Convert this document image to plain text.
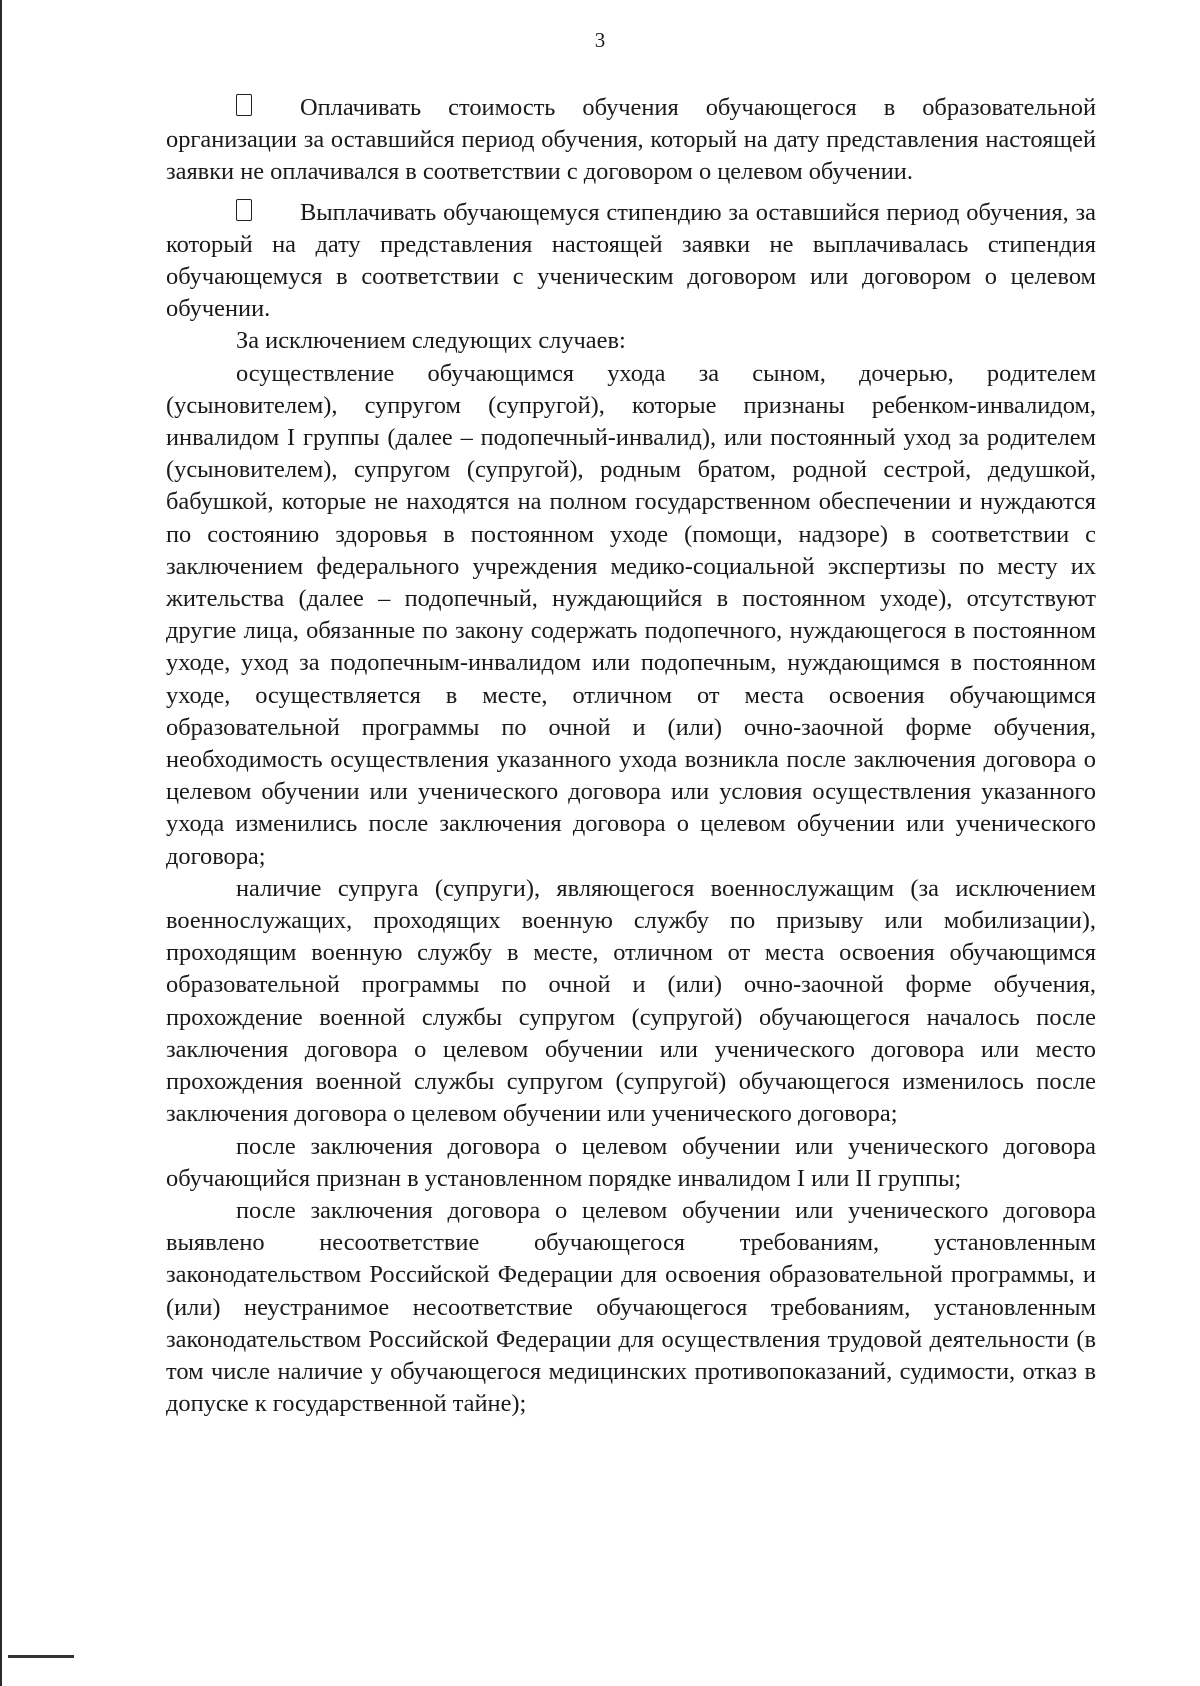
3

Оплачивать стоимость обучения обучающегося в образовательной организации за оставшийся период обучения, который на дату представления настоящей заявки не оплачивался в соответствии с договором о целевом обучении.

Выплачивать обучающемуся стипендию за оставшийся период обучения, за который на дату представления настоящей заявки не выплачивалась стипендия обучающемуся в соответствии с ученическим договором или договором о целевом обучении.

За исключением следующих случаев:

осуществление обучающимся ухода за сыном, дочерью, родителем (усыновителем), супругом (супругой), которые признаны ребенком-инвалидом, инвалидом I группы (далее – подопечный-инвалид), или постоянный уход за родителем (усыновителем), супругом (супругой), родным братом, родной сестрой, дедушкой, бабушкой, которые не находятся на полном государственном обеспечении и нуждаются по состоянию здоровья в постоянном уходе (помощи, надзоре) в соответствии с заключением федерального учреждения медико-социальной экспертизы по месту их жительства (далее – подопечный, нуждающийся в постоянном уходе), отсутствуют другие лица, обязанные по закону содержать подопечного, нуждающегося в постоянном уходе, уход за подопечным-инвалидом или подопечным, нуждающимся в постоянном уходе, осуществляется в месте, отличном от места освоения обучающимся образовательной программы по очной и (или) очно-заочной форме обучения, необходимость осуществления указанного ухода возникла после заключения договора о целевом обучении или ученического договора или условия осуществления указанного ухода изменились после заключения договора о целевом обучении или ученического договора;

наличие супруга (супруги), являющегося военнослужащим (за исключением военнослужащих, проходящих военную службу по призыву или мобилизации), проходящим военную службу в месте, отличном от места освоения обучающимся образовательной программы по очной и (или) очно-заочной форме обучения, прохождение военной службы супругом (супругой) обучающегося началось после заключения договора о целевом обучении или ученического договора или место прохождения военной службы супругом (супругой) обучающегося изменилось после заключения договора о целевом обучении или ученического договора;

после заключения договора о целевом обучении или ученического договора обучающийся признан в установленном порядке инвалидом I или II группы;

после заключения договора о целевом обучении или ученического договора выявлено несоответствие обучающегося требованиям, установленным законодательством Российской Федерации для освоения образовательной программы, и (или) неустранимое несоответствие обучающегося требованиям, установленным законодательством Российской Федерации для осуществления трудовой деятельности (в том числе наличие у обучающегося медицинских противопоказаний, судимости, отказ в допуске к государственной тайне);
